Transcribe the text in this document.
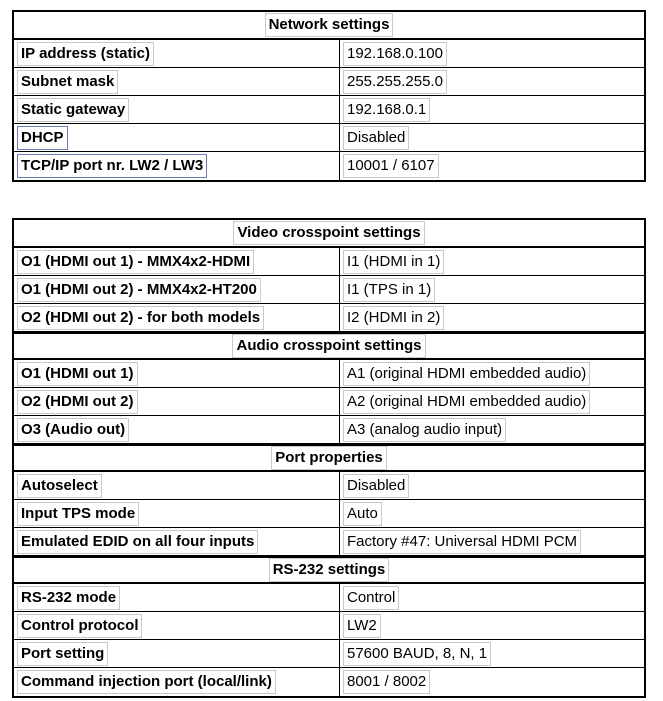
Network settings
IP address (static)	192.168.0.100
Subnet mask	255.255.255.0
Static gateway	192.168.0.1
DHCP	Disabled
TCP/IP port nr. LW2 / LW3	10001 / 6107
Video crosspoint settings
O1 (HDMI out 1) - MMX4x2-HDMI	I1 (HDMI in 1)
O1 (HDMI out 2) - MMX4x2-HT200	I1 (TPS in 1)
O2 (HDMI out 2) - for both models	I2 (HDMI in 2)
Audio crosspoint settings
O1 (HDMI out 1)	A1 (original HDMI embedded audio)
O2 (HDMI out 2)	A2 (original HDMI embedded audio)
O3 (Audio out)	A3 (analog audio input)
Port properties
Autoselect	Disabled
Input TPS mode	Auto
Emulated EDID on all four inputs	Factory #47: Universal HDMI PCM
RS-232 settings
RS-232 mode	Control
Control protocol	LW2
Port setting	57600 BAUD, 8, N, 1
Command injection port (local/link)	8001 / 8002
